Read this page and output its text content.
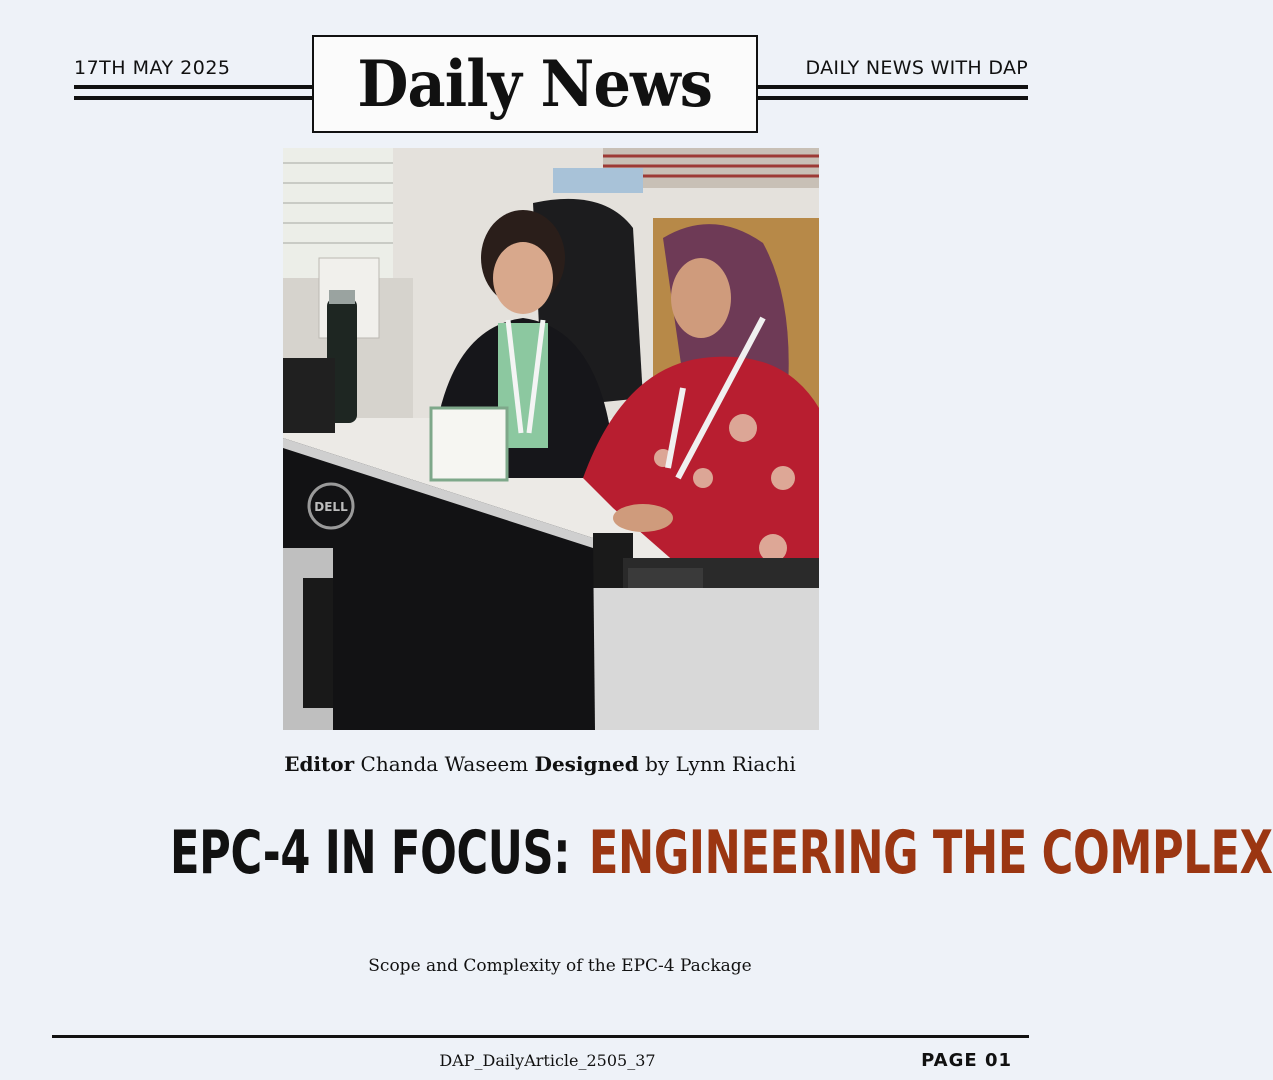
17TH MAY 2025	DAILY NEWS WITH DAP
Daily News
DELL
Editor Chanda Waseem Designed by Lynn Riachi
EPC-4 IN FOCUS: ENGINEERING THE COMPLEX
Scope and Complexity of the EPC-4 Package
DAP_DailyArticle_2505_37	PAGE 01
